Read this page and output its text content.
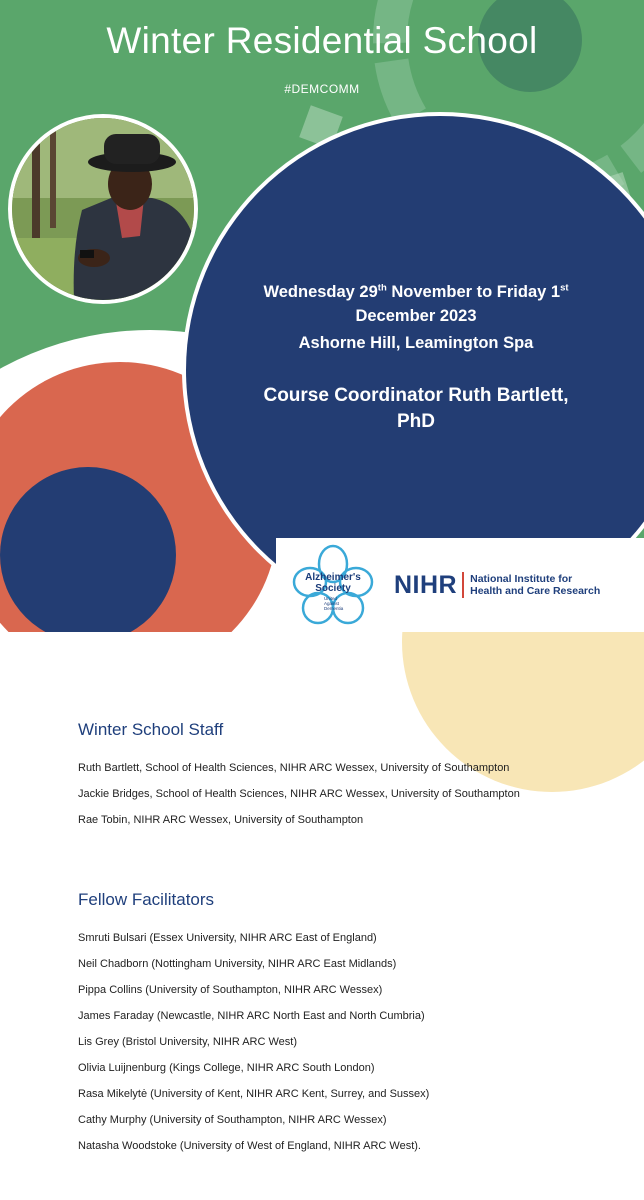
Winter Residential School
#DEMCOMM
Wednesday 29th November to Friday 1st
December 2023
Ashorne Hill, Leamington Spa
Course Coordinator Ruth Bartlett,
PhD
Alzheimer's
Society
United
Against
Dementia
NIHR National Institute for
Health and Care Research
Winter School Staff
Ruth Bartlett, School of Health Sciences, NIHR ARC Wessex, University of Southampton
Jackie Bridges, School of Health Sciences, NIHR ARC Wessex, University of Southampton
Rae Tobin, NIHR ARC Wessex, University of Southampton
Fellow Facilitators
Smruti Bulsari (Essex University, NIHR ARC East of England)
Neil Chadborn (Nottingham University, NIHR ARC East Midlands)
Pippa Collins (University of Southampton, NIHR ARC Wessex)
James Faraday (Newcastle, NIHR ARC North East and North Cumbria)
Lis Grey (Bristol University, NIHR ARC West)
Olivia Luijnenburg (Kings College, NIHR ARC South London)
Rasa Mikelytė (University of Kent, NIHR ARC Kent, Surrey, and Sussex)
Cathy Murphy (University of Southampton, NIHR ARC Wessex)
Natasha Woodstoke (University of West of England, NIHR ARC West).
